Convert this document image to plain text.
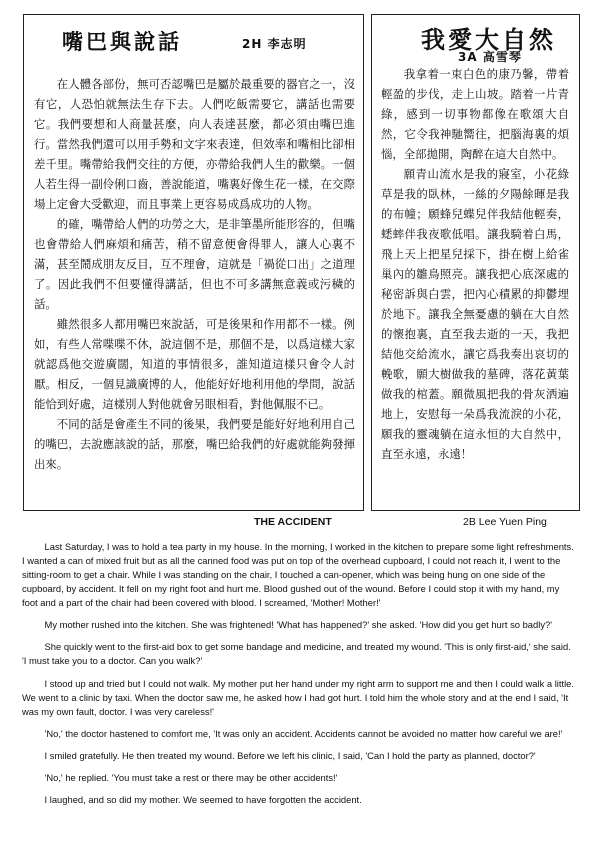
嘴巴與說話	2H 李志明

在人體各部份，無可否認嘴巴是屬於最重要的器官之一，沒有它，人恐怕就無法生存下去。人們吃飯需要它，講話也需要它。我們要想和人商量甚麼，向人表達甚麼，都必須由嘴巴進行。當然我們還可以用手勢和文字來表達，但效率和嘴相比卻相差千里。嘴帶給我們交往的方便，亦帶給我們人生的歡樂。一個人若生得一副伶俐口齒，善說能道，嘴裏好像生花一樣，在交際場上定會大受歡迎，而且事業上更容易成爲成功的人物。

的確，嘴帶給人們的功勞之大，是非筆墨所能形容的，但嘴也會帶給人們麻煩和痛苦，稍不留意便會得罪人，讓人心裏不滿，甚至鬧成朋友反目，互不理會，這就是「禍從口出」之道理了。因此我們不但要懂得講話，但也不可多講無意義或污穢的話。

雖然很多人都用嘴巴來說話，可是後果和作用都不一樣。例如，有些人常喋喋不休，說這個不是，那個不是，以爲這樣大家就認爲他交遊廣闊，知道的事情很多，誰知道這樣只會令人討厭。相反，一個見識廣博的人，他能好好地利用他的學問，說話能恰到好處，這樣別人對他就會另眼相看，對他佩服不已。

不同的話是會產生不同的後果，我們要是能好好地利用自己的嘴巴，去說應該說的話，那麼，嘴巴給我們的好處就能夠發揮出來。

我愛大自然
3A 高雪琴

我拿着一束白色的康乃馨，帶着輕盈的步伐，走上山坡。踏着一片青綠，感到一切事物都像在歌頌大自然，它令我神馳嚮往，把腦海裏的煩惱，全部拋開，陶醉在這大自然中。

願青山流水是我的寢室，小花綠草是我的臥林，一絲的夕陽餘暉是我的布幢；願蜂兒蝶兒伴我結他輕奏，蟋蟀伴我夜歌低唱。讓我騎着白馬，飛上天上把星兒採下，掛在樹上給雀巢內的雛鳥照亮。讓我把心底深處的秘密訴與白雲，把內心積累的抑鬱埋於地下。讓我全無憂慮的躺在大自然的懷抱裏，直至我去逝的一天，我把結他交給流水，讓它爲我奏出哀切的輓歌，願大樹做我的墓碑，落花黃葉做我的棺蓋。願微風把我的骨灰洒遍地上，安慰每一朵爲我流淚的小花，願我的靈魂躺在這永恒的大自然中，直至永遠，永遠！

THE ACCIDENT	2B Lee Yuen Ping

Last Saturday, I was to hold a tea party in my house. In the morning, I worked in the kitchen to prepare some light refreshments. I wanted a can of mixed fruit but as all the canned food was put on top of the overhead cupboard, I could not reach it, I went to the sitting-room to get a chair. While I was standing on the chair, I touched a can-opener, which was being hung on one side of the cupboard, by accident. It fell on my right foot and hurt me. Blood gushed out of the wound. Before I could stop it with my hand, my foot and a part of the chair had been covered with blood. I screamed, 'Mother! Mother!'

My mother rushed into the kitchen. She was frightened! 'What has happened?' she asked. 'How did you get hurt so badly?'

She quickly went to the first-aid box to get some bandage and medicine, and treated my wound. 'This is only first-aid,' she said. 'I must take you to a doctor. Can you walk?'

I stood up and tried but I could not walk. My mother put her hand under my right arm to support me and then I could walk a little. We went to a clinic by taxi. When the doctor saw me, he asked how I had got hurt. I told him the whole story and at the end I said, 'It was my own fault, doctor. I was very careless!'

'No,' the doctor hastened to comfort me, 'It was only an accident. Accidents cannot be avoided no matter how careful we are!'

I smiled gratefully. He then treated my wound. Before we left his clinic, I said, 'Can I hold the party as planned, doctor?'

'No,' he replied. 'You must take a rest or there may be other accidents!'

I laughed, and so did my mother. We seemed to have forgotten the accident.
